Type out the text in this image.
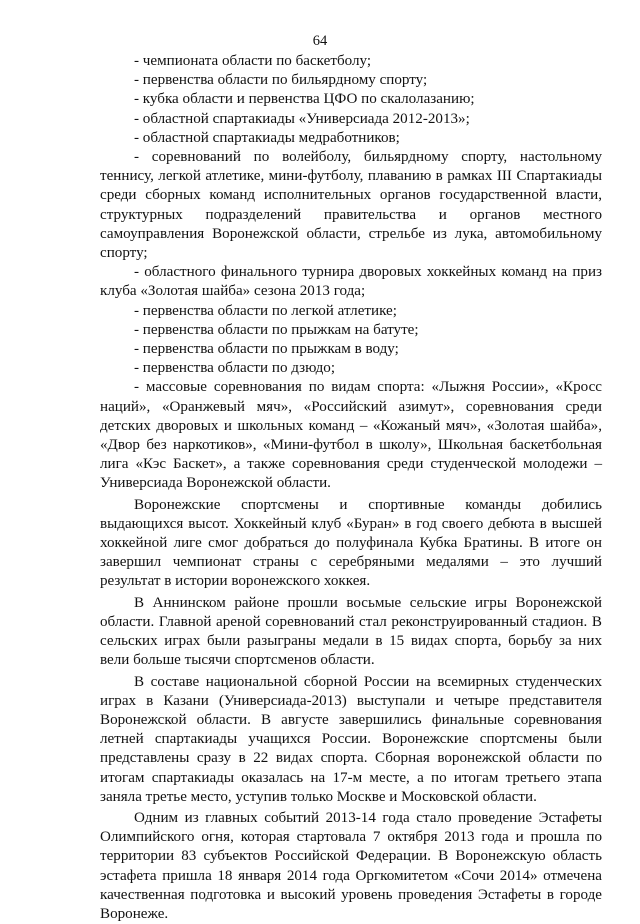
64

- чемпионата области по баскетболу;

- первенства области по бильярдному спорту;

- кубка области и первенства ЦФО по скалолазанию;

- областной спартакиады «Универсиада 2012-2013»;

- областной спартакиады медработников;

- соревнований по волейболу, бильярдному спорту, настольному теннису, легкой атлетике, мини-футболу, плаванию в рамках III Спартакиады среди сборных команд исполнительных органов государственной власти, структурных подразделений правительства и органов местного самоуправления Воронежской области, стрельбе из лука, автомобильному спорту;

- областного финального турнира дворовых хоккейных команд на приз клуба «Золотая шайба» сезона 2013 года;

- первенства области по легкой атлетике;

- первенства области по прыжкам на батуте;

- первенства области по прыжкам в воду;

- первенства области по дзюдо;

- массовые соревнования по видам спорта: «Лыжня России», «Кросс наций», «Оранжевый мяч», «Российский азимут», соревнования среди детских дворовых и школьных команд – «Кожаный мяч», «Золотая шайба», «Двор без наркотиков», «Мини-футбол в школу», Школьная баскетбольная лига «Кэс Баскет», а также соревнования среди студенческой молодежи – Универсиада Воронежской области.

Воронежские спортсмены и спортивные команды добились выдающихся высот. Хоккейный клуб «Буран» в год своего дебюта в высшей хоккейной лиге смог добраться до полуфинала Кубка Братины. В итоге он завершил чемпионат страны с серебряными медалями – это лучший результат в истории воронежского хоккея.

В Аннинском районе прошли восьмые сельские игры Воронежской области. Главной ареной соревнований стал реконструированный стадион. В сельских играх были разыграны медали в 15 видах спорта, борьбу за них вели больше тысячи спортсменов области.

В составе национальной сборной России на всемирных студенческих играх в Казани (Универсиада-2013) выступали и четыре представителя Воронежской области. В августе завершились финальные соревнования летней спартакиады учащихся России. Воронежские спортсмены были представлены сразу в 22 видах спорта. Сборная воронежской области по итогам спартакиады оказалась на 17-м месте, а по итогам третьего этапа заняла третье место, уступив только Москве и Московской области.

Одним из главных событий 2013-14 года стало проведение Эстафеты Олимпийского огня, которая стартовала 7 октября 2013 года и прошла по территории 83 субъектов Российской Федерации. В Воронежскую область эстафета пришла 18 января 2014 года Оргкомитетом «Сочи 2014» отмечена качественная подготовка и высокий уровень проведения Эстафеты в городе Воронеже.
